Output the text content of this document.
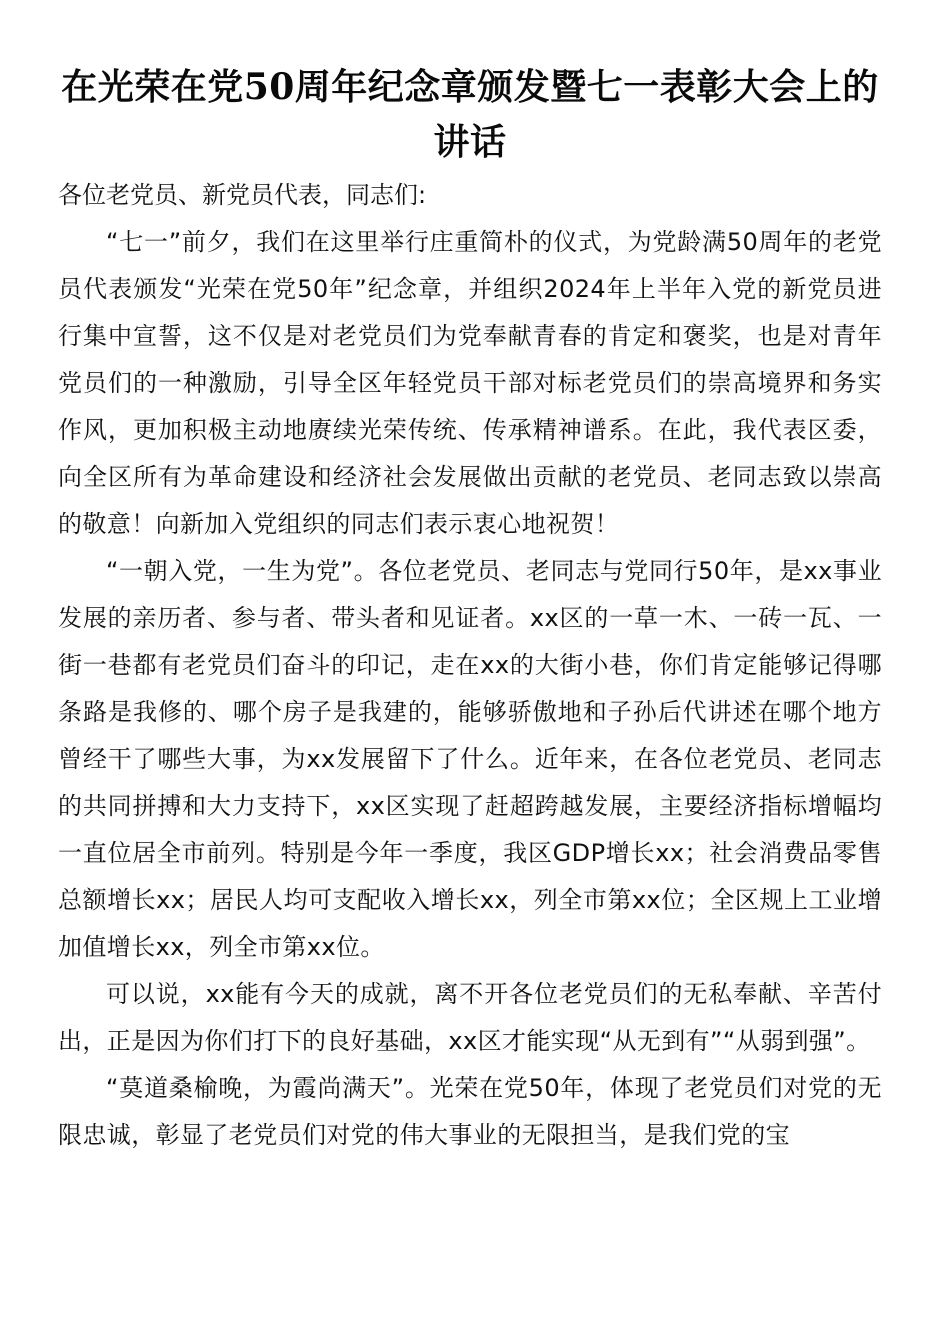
在光荣在党50周年纪念章颁发暨七一表彰大会上的讲话

各位老党员、新党员代表，同志们:

“七一”前夕，我们在这里举行庄重简朴的仪式，为党龄满50周年的老党员代表颁发“光荣在党50年”纪念章，并组织2024年上半年入党的新党员进行集中宣誓，这不仅是对老党员们为党奉献青春的肯定和褒奖，也是对青年党员们的一种激励，引导全区年轻党员干部对标老党员们的崇高境界和务实作风，更加积极主动地赓续光荣传统、传承精神谱系。在此，我代表区委，向全区所有为革命建设和经济社会发展做出贡献的老党员、老同志致以崇高的敬意！向新加入党组织的同志们表示衷心地祝贺！

“一朝入党，一生为党”。各位老党员、老同志与党同行50年，是xx事业发展的亲历者、参与者、带头者和见证者。xx区的一草一木、一砖一瓦、一街一巷都有老党员们奋斗的印记，走在xx的大街小巷，你们肯定能够记得哪条路是我修的、哪个房子是我建的，能够骄傲地和子孙后代讲述在哪个地方曾经干了哪些大事，为xx发展留下了什么。近年来，在各位老党员、老同志的共同拼搏和大力支持下，xx区实现了赶超跨越发展，主要经济指标增幅均一直位居全市前列。特别是今年一季度，我区GDP增长xx；社会消费品零售总额增长xx；居民人均可支配收入增长xx，列全市第xx位；全区规上工业增加值增长xx，列全市第xx位。

可以说，xx能有今天的成就，离不开各位老党员们的无私奉献、辛苦付出，正是因为你们打下的良好基础，xx区才能实现“从无到有”“从弱到强”。

“莫道桑榆晚，为霞尚满天”。光荣在党50年，体现了老党员们对党的无限忠诚，彰显了老党员们对党的伟大事业的无限担当，是我们党的宝
